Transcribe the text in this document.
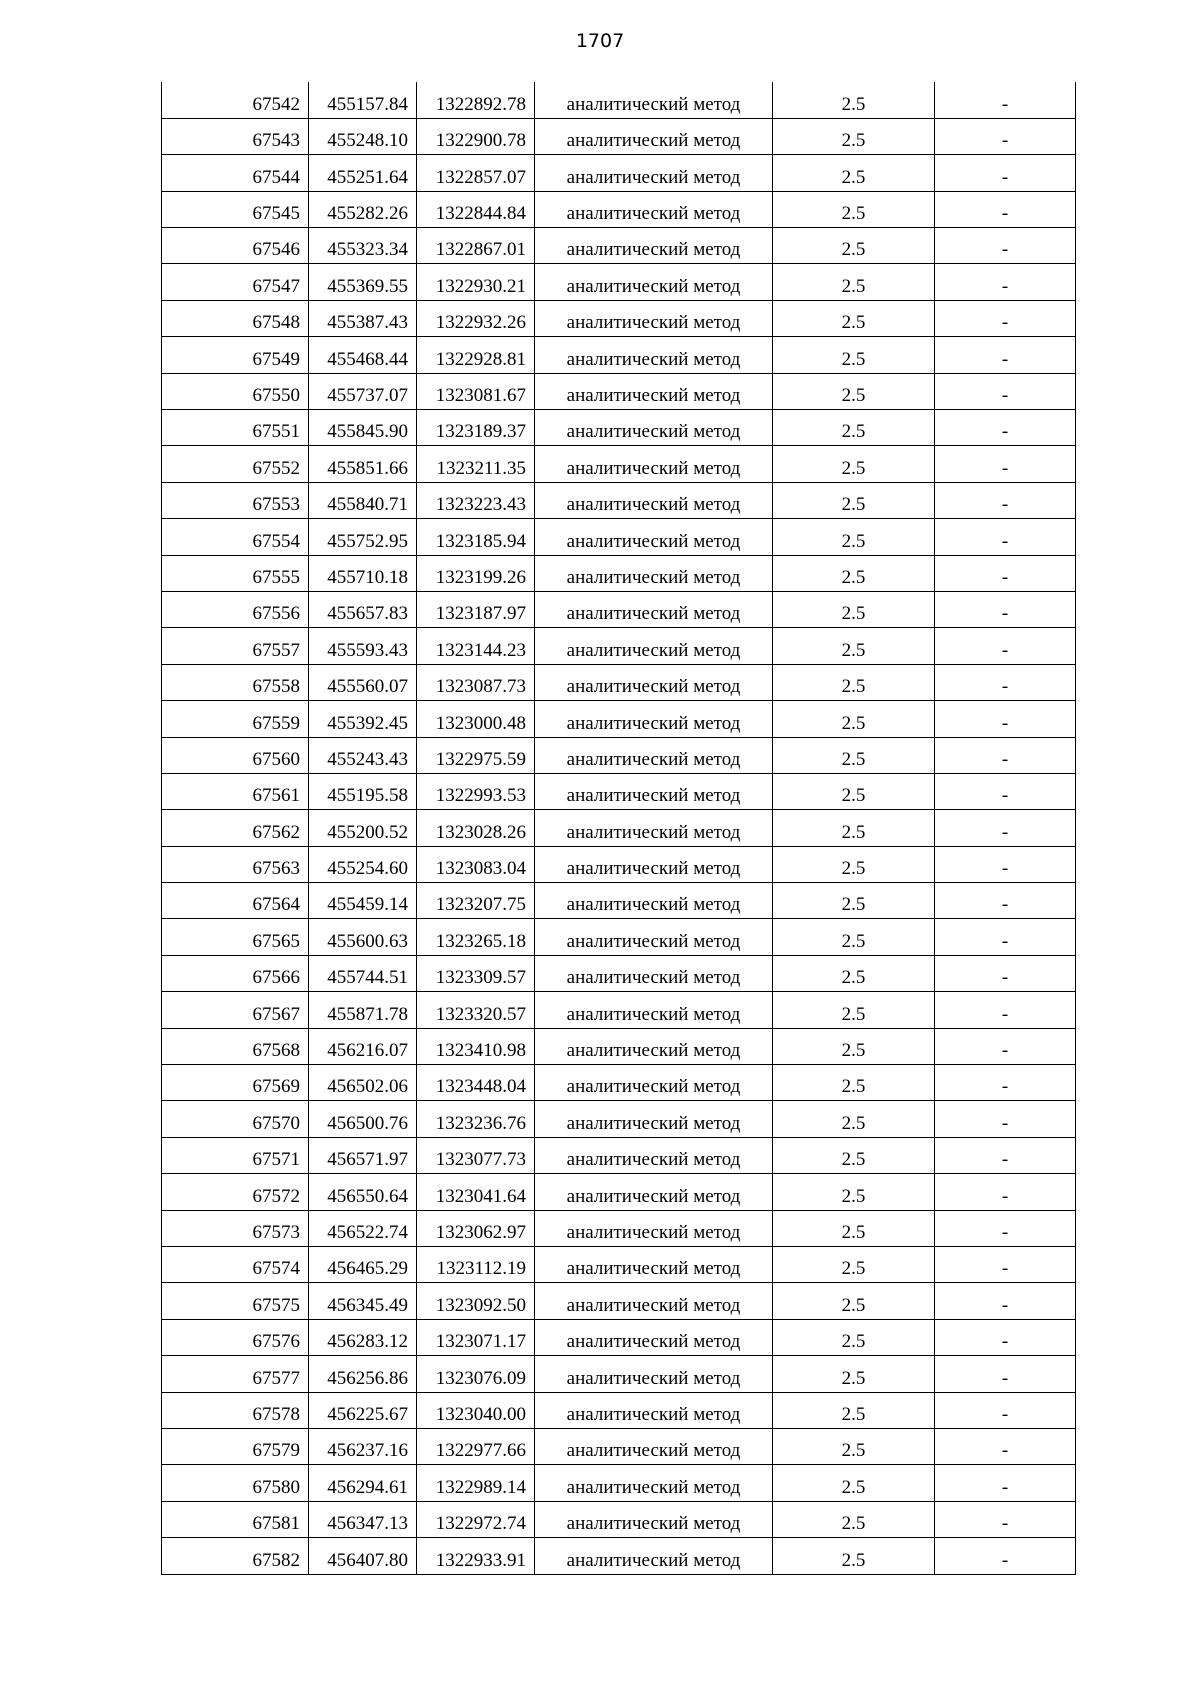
1707
67542	455157.84	1322892.78	аналитический метод	2.5	-
67543	455248.10	1322900.78	аналитический метод	2.5	-
67544	455251.64	1322857.07	аналитический метод	2.5	-
67545	455282.26	1322844.84	аналитический метод	2.5	-
67546	455323.34	1322867.01	аналитический метод	2.5	-
67547	455369.55	1322930.21	аналитический метод	2.5	-
67548	455387.43	1322932.26	аналитический метод	2.5	-
67549	455468.44	1322928.81	аналитический метод	2.5	-
67550	455737.07	1323081.67	аналитический метод	2.5	-
67551	455845.90	1323189.37	аналитический метод	2.5	-
67552	455851.66	1323211.35	аналитический метод	2.5	-
67553	455840.71	1323223.43	аналитический метод	2.5	-
67554	455752.95	1323185.94	аналитический метод	2.5	-
67555	455710.18	1323199.26	аналитический метод	2.5	-
67556	455657.83	1323187.97	аналитический метод	2.5	-
67557	455593.43	1323144.23	аналитический метод	2.5	-
67558	455560.07	1323087.73	аналитический метод	2.5	-
67559	455392.45	1323000.48	аналитический метод	2.5	-
67560	455243.43	1322975.59	аналитический метод	2.5	-
67561	455195.58	1322993.53	аналитический метод	2.5	-
67562	455200.52	1323028.26	аналитический метод	2.5	-
67563	455254.60	1323083.04	аналитический метод	2.5	-
67564	455459.14	1323207.75	аналитический метод	2.5	-
67565	455600.63	1323265.18	аналитический метод	2.5	-
67566	455744.51	1323309.57	аналитический метод	2.5	-
67567	455871.78	1323320.57	аналитический метод	2.5	-
67568	456216.07	1323410.98	аналитический метод	2.5	-
67569	456502.06	1323448.04	аналитический метод	2.5	-
67570	456500.76	1323236.76	аналитический метод	2.5	-
67571	456571.97	1323077.73	аналитический метод	2.5	-
67572	456550.64	1323041.64	аналитический метод	2.5	-
67573	456522.74	1323062.97	аналитический метод	2.5	-
67574	456465.29	1323112.19	аналитический метод	2.5	-
67575	456345.49	1323092.50	аналитический метод	2.5	-
67576	456283.12	1323071.17	аналитический метод	2.5	-
67577	456256.86	1323076.09	аналитический метод	2.5	-
67578	456225.67	1323040.00	аналитический метод	2.5	-
67579	456237.16	1322977.66	аналитический метод	2.5	-
67580	456294.61	1322989.14	аналитический метод	2.5	-
67581	456347.13	1322972.74	аналитический метод	2.5	-
67582	456407.80	1322933.91	аналитический метод	2.5	-
